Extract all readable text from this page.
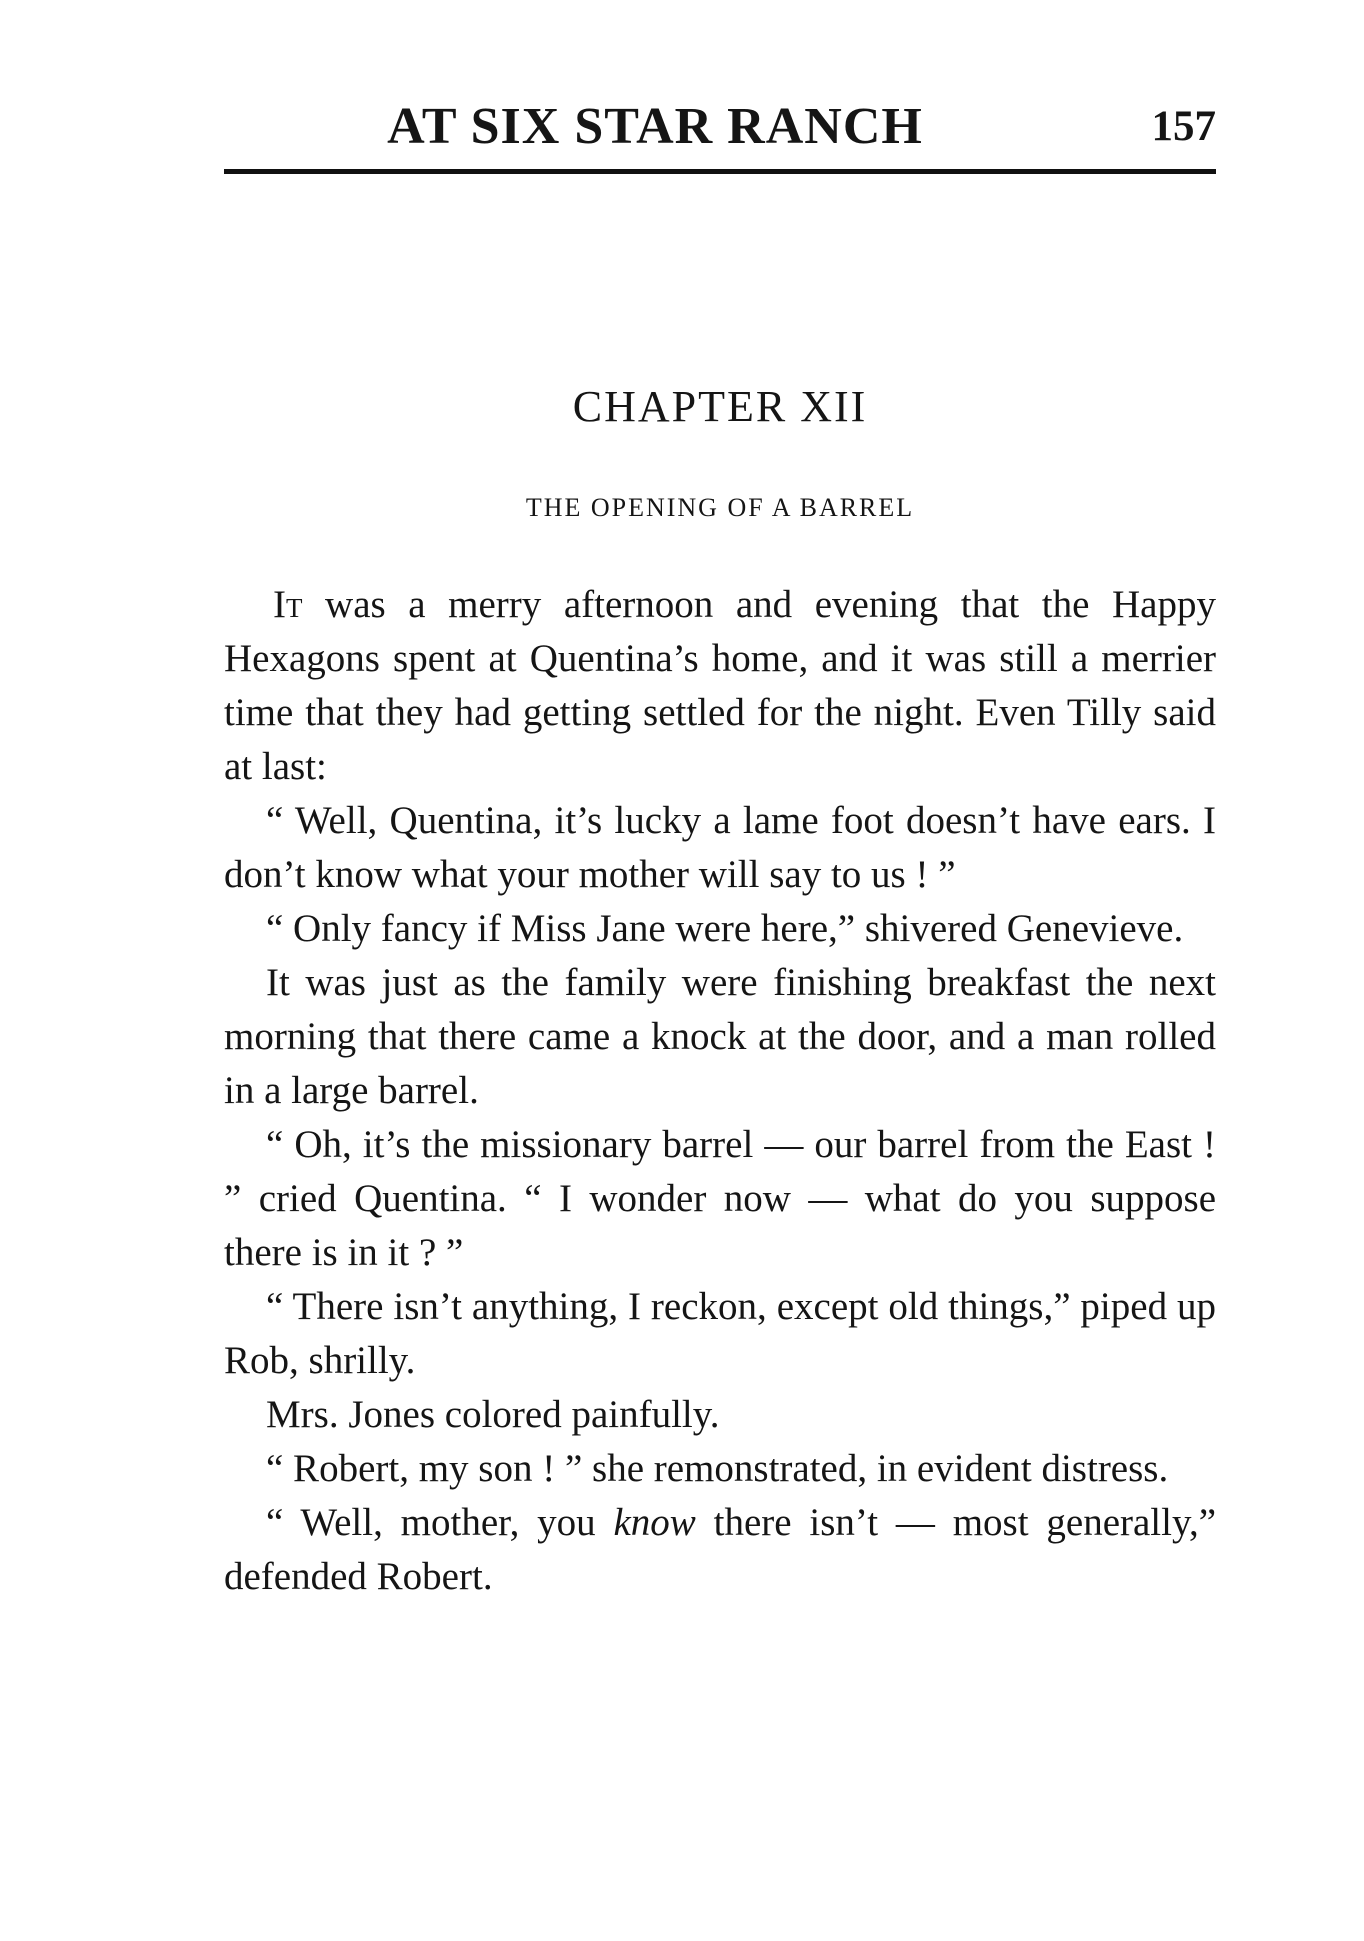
AT SIX STAR RANCH	157
CHAPTER XII
THE OPENING OF A BARREL

It was a merry afternoon and evening that the Happy Hexagons spent at Quentina’s home, and it was still a merrier time that they had getting settled for the night. Even Tilly said at last:

“ Well, Quentina, it’s lucky a lame foot doesn’t have ears. I don’t know what your mother will say to us ! ”

“ Only fancy if Miss Jane were here,” shivered Genevieve.

It was just as the family were finishing breakfast the next morning that there came a knock at the door, and a man rolled in a large barrel.

“ Oh, it’s the missionary barrel — our barrel from the East ! ” cried Quentina. “ I wonder now — what do you suppose there is in it ? ”

“ There isn’t anything, I reckon, except old things,” piped up Rob, shrilly.

Mrs. Jones colored painfully.

“ Robert, my son ! ” she remonstrated, in evident distress.

“ Well, mother, you know there isn’t — most generally,” defended Robert.
